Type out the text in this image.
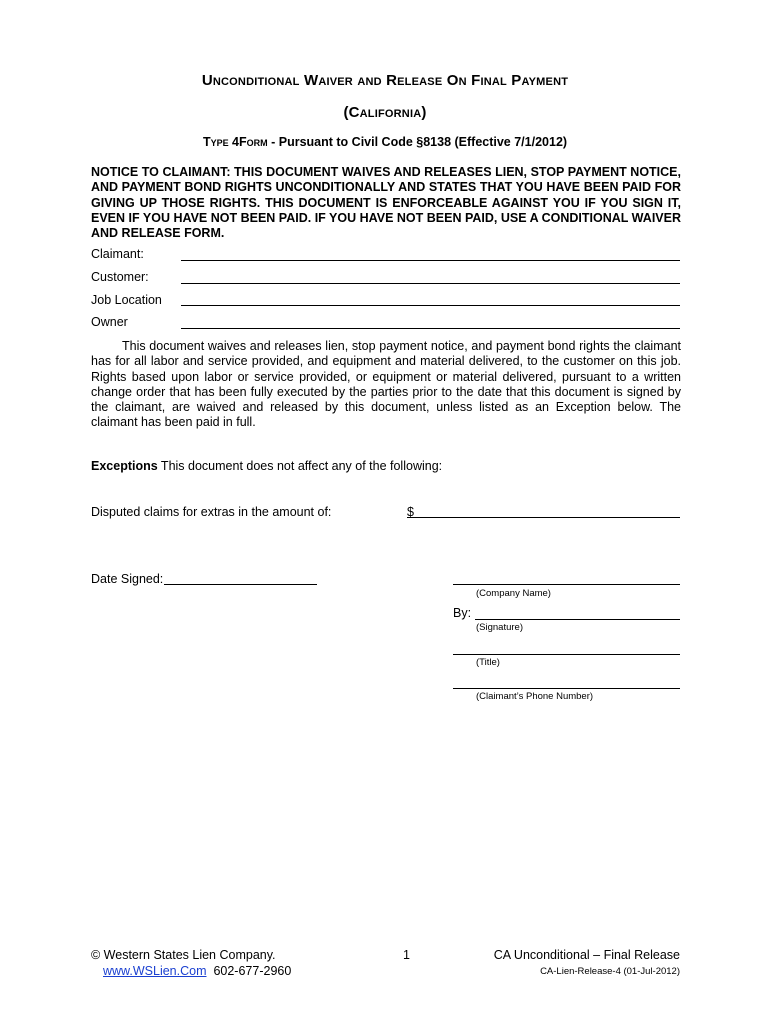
Unconditional Waiver and Release On Final Payment
(California)
Type 4Form - Pursuant to Civil Code §8138 (Effective 7/1/2012)
NOTICE TO CLAIMANT: THIS DOCUMENT WAIVES AND RELEASES LIEN, STOP PAYMENT NOTICE, AND PAYMENT BOND RIGHTS UNCONDITIONALLY AND STATES THAT YOU HAVE BEEN PAID FOR GIVING UP THOSE RIGHTS. THIS DOCUMENT IS ENFORCEABLE AGAINST YOU IF YOU SIGN IT, EVEN IF YOU HAVE NOT BEEN PAID. IF YOU HAVE NOT BEEN PAID, USE A CONDITIONAL WAIVER AND RELEASE FORM.
Claimant:
Customer:
Job Location
Owner
This document waives and releases lien, stop payment notice, and payment bond rights the claimant has for all labor and service provided, and equipment and material delivered, to the customer on this job. Rights based upon labor or service provided, or equipment or material delivered, pursuant to a written change order that has been fully executed by the parties prior to the date that this document is signed by the claimant, are waived and released by this document, unless listed as an Exception below. The claimant has been paid in full.
Exceptions This document does not affect any of the following:
Disputed claims for extras in the amount of:	$
Date Signed:
(Company Name)
By:
(Signature)
(Title)
(Claimant’s Phone Number)
© Western States Lien Company.
www.WSLien.Com 602-677-2960
1	CA Unconditional – Final Release
CA-Lien-Release-4 (01-Jul-2012)
